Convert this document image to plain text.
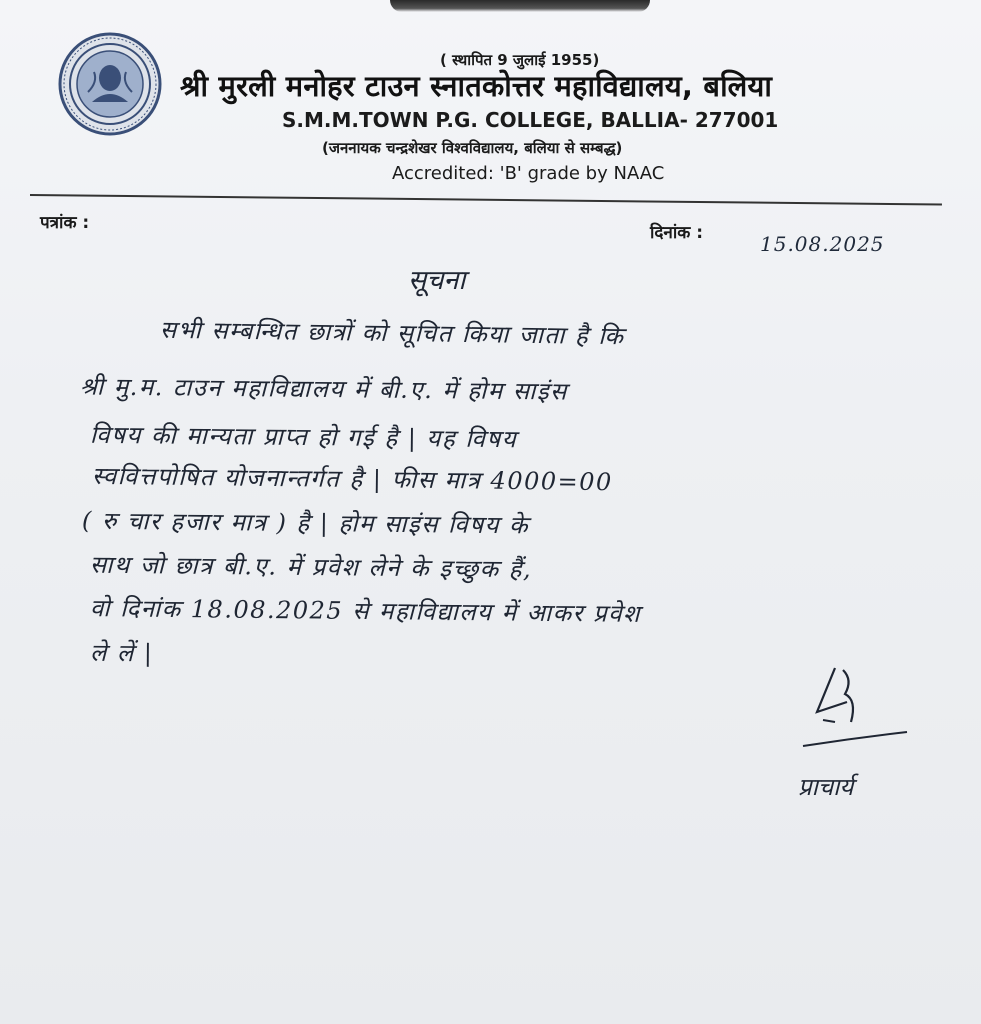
( स्थापित 9 जुलाई 1955)
श्री मुरली मनोहर टाउन स्नातकोत्तर महाविद्यालय, बलिया
S.M.M.TOWN P.G. COLLEGE, BALLIA- 277001
(जननायक चन्द्रशेखर विश्वविद्यालय, बलिया से सम्बद्ध)
Accredited: 'B' grade by NAAC
पत्रांक :	दिनांक :	15.08.2025
सूचना
सभी सम्बन्धित छात्रों को सूचित किया जाता है कि
श्री मु.म. टाउन महाविद्यालय में बी.ए. में होम साइंस
विषय की मान्यता प्राप्त हो गई है | यह विषय
स्ववित्तपोषित योजनान्तर्गत है | फीस मात्र 4000=00
( रु चार हजार मात्र ) है | होम साइंस विषय के
साथ जो छात्र बी.ए. में प्रवेश लेने के इच्छुक हैं,
वो दिनांक 18.08.2025 से महाविद्यालय में आकर प्रवेश
ले लें |
प्राचार्य
